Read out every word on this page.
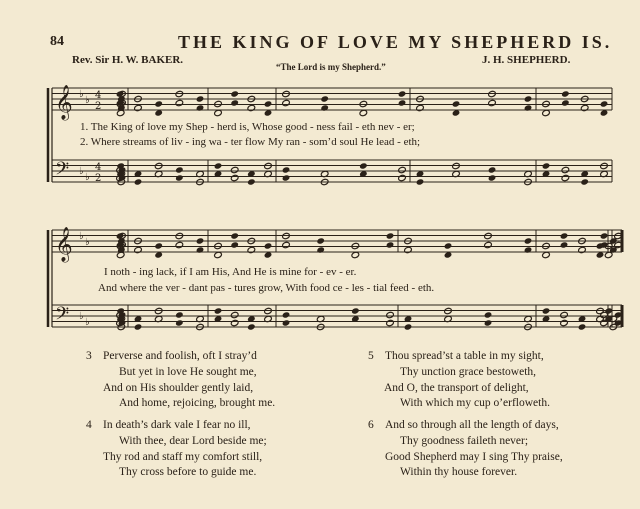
84	THE KING OF LOVE MY SHEPHERD IS.
Rev. Sir H. W. BAKER.
“The Lord is my Shepherd.”
J. H. SHEPHERD.
𝄞
𝄢
♭
♭
♭
♭
4
2
4
2
𝄞
𝄢
♭
♭
♭
♭
1. The King of love my Shep - herd is, Whose good - ness fail - eth nev - er;
2. Where streams of liv - ing wa - ter flow My ran - som’d soul He lead - eth;
I noth - ing lack, if I am His, And He is mine for - ev - er.
And where the ver - dant pas - tures grow, With food ce - les - tial feed - eth.
3 Perverse and foolish, oft I stray’d
But yet in love He sought me,
And on His shoulder gently laid,
And home, rejoicing, brought me.
5 Thou spread’st a table in my sight,
Thy unction grace bestoweth,
And O, the transport of delight,
With which my cup o’erfloweth.
4 In death’s dark vale I fear no ill,
With thee, dear Lord beside me;
Thy rod and staff my comfort still,
Thy cross before to guide me.
6 And so through all the length of days,
Thy goodness faileth never;
Good Shepherd may I sing Thy praise,
Within thy house forever.
